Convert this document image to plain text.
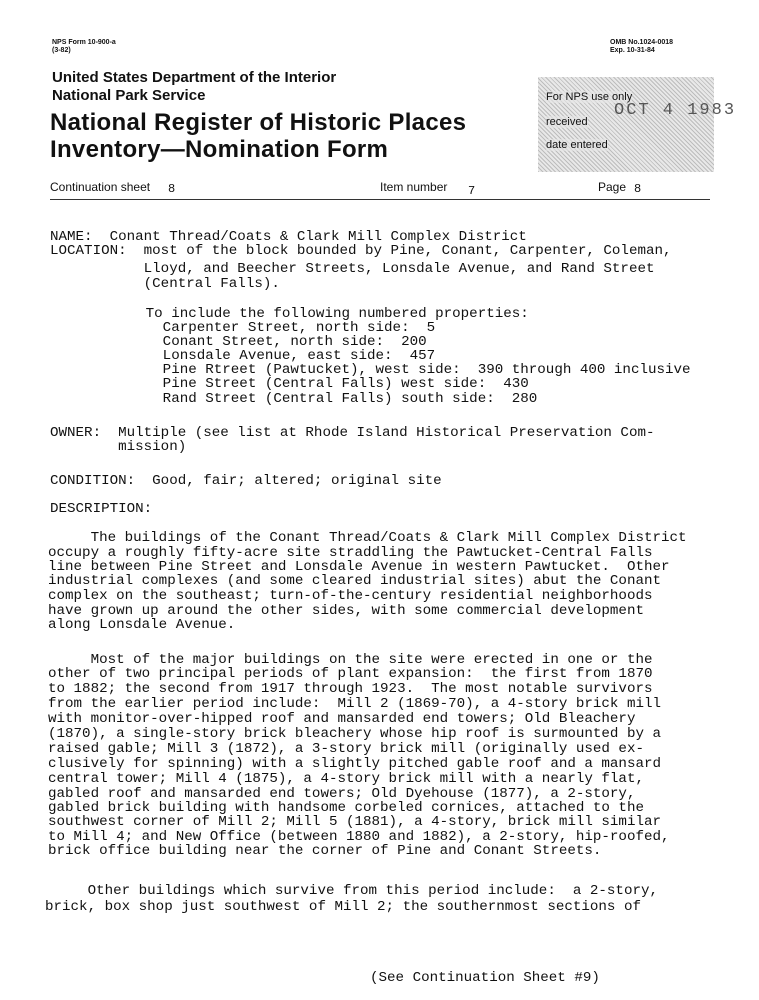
NPS Form 10-900-a
(3-82)
OMB No.1024-0018
Exp. 10-31-84
United States Department of the Interior
National Park Service
National Register of Historic Places
Inventory—Nomination Form
For NPS use only
received
OCT 4 1983
date entered
Continuation sheet 8	Item number 7	Page 8
NAME:  Conant Thread/Coats & Clark Mill Complex District
LOCATION:  most of the block bounded by Pine, Conant, Carpenter, Coleman,
Lloyd, and Beecher Streets, Lonsdale Avenue, and Rand Street
(Central Falls).
To include the following numbered properties:
Carpenter Street, north side:  5
Conant Street, north side:  200
Lonsdale Avenue, east side:  457
Pine Rtreet (Pawtucket), west side:  390 through 400 inclusive
Pine Street (Central Falls) west side:  430
Rand Street (Central Falls) south side:  280
OWNER:  Multiple (see list at Rhode Island Historical Preservation Com-
mission)
CONDITION:  Good, fair; altered; original site
DESCRIPTION:
The buildings of the Conant Thread/Coats & Clark Mill Complex District
occupy a roughly fifty-acre site straddling the Pawtucket-Central Falls
line between Pine Street and Lonsdale Avenue in western Pawtucket.  Other
industrial complexes (and some cleared industrial sites) abut the Conant
complex on the southeast; turn-of-the-century residential neighborhoods
have grown up around the other sides, with some commercial development
along Lonsdale Avenue.
Most of the major buildings on the site were erected in one or the
other of two principal periods of plant expansion:  the first from 1870
to 1882; the second from 1917 through 1923.  The most notable survivors
from the earlier period include:  Mill 2 (1869-70), a 4-story brick mill
with monitor-over-hipped roof and mansarded end towers; Old Bleachery
(1870), a single-story brick bleachery whose hip roof is surmounted by a
raised gable; Mill 3 (1872), a 3-story brick mill (originally used ex-
clusively for spinning) with a slightly pitched gable roof and a mansard
central tower; Mill 4 (1875), a 4-story brick mill with a nearly flat,
gabled roof and mansarded end towers; Old Dyehouse (1877), a 2-story,
gabled brick building with handsome corbeled cornices, attached to the
southwest corner of Mill 2; Mill 5 (1881), a 4-story, brick mill similar
to Mill 4; and New Office (between 1880 and 1882), a 2-story, hip-roofed,
brick office building near the corner of Pine and Conant Streets.
Other buildings which survive from this period include:  a 2-story,
brick, box shop just southwest of Mill 2; the southernmost sections of
(See Continuation Sheet #9)
